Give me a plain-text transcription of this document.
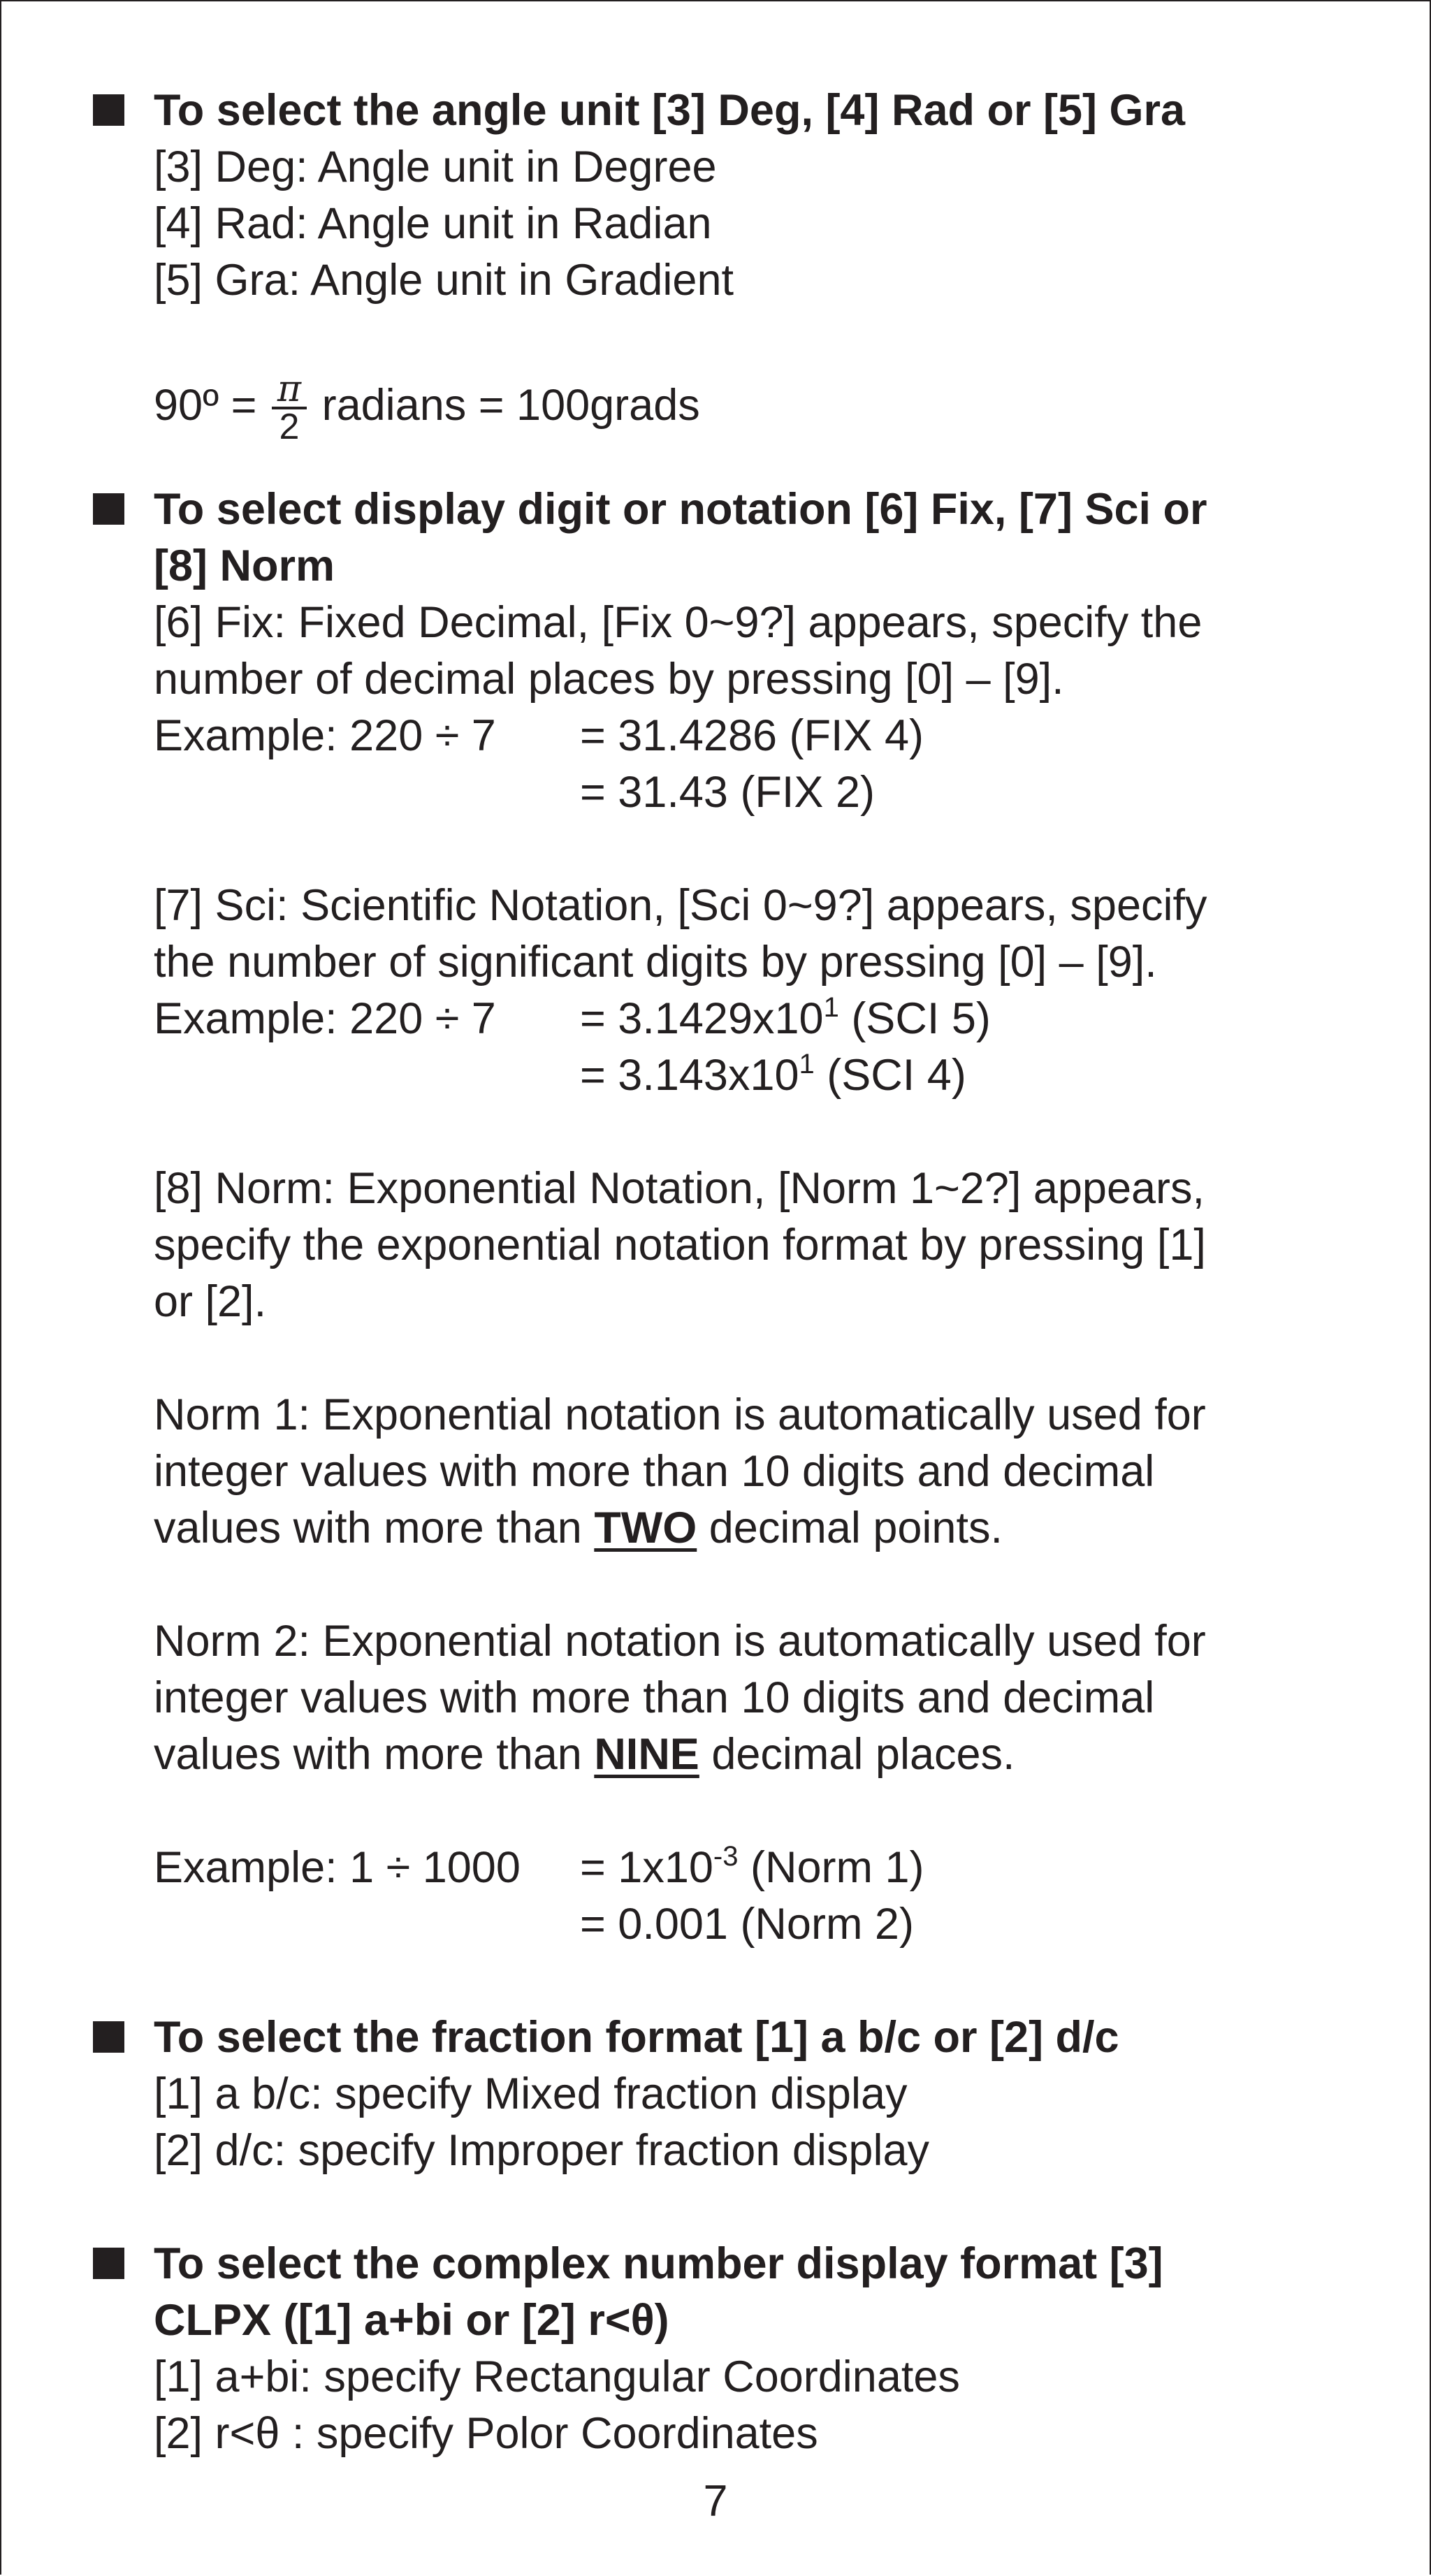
To select the angle unit [3] Deg, [4] Rad or [5] Gra
[3] Deg: Angle unit in Degree
[4] Rad: Angle unit in Radian
[5] Gra: Angle unit in Gradient
90º = $\frac{\pi}{2}$ radians = 100grads
To select display digit or notation [6] Fix, [7] Sci or
[8] Norm
[6] Fix: Fixed Decimal, [Fix 0~9?] appears, specify the
number of decimal places by pressing [0] – [9].
Example: 220 ÷ 7 = 31.4286 (FIX 4)
= 31.43 (FIX 2)
[7] Sci: Scientific Notation, [Sci 0~9?] appears, specify
the number of significant digits by pressing [0] – [9].
Example: $220 \div 7 = 3.1429x10^1$ (SCI 5)
= $3.143x10^1$ (SCI 4)
[8] Norm: Exponential Notation, [Norm 1~2?] appears,
specify the exponential notation format by pressing [1]
or [2].
Norm 1: Exponential notation is automatically used for
integer values with more than 10 digits and decimal
values with more than TWO decimal points.
Norm 2: Exponential notation is automatically used for
integer values with more than 10 digits and decimal
values with more than NINE decimal places.
Example: $1 \div 1000 = 1x10^{-3}$ (Norm 1)
= 0.001 (Norm 2)
To select the fraction format [1] a b/c or [2] d/c
[1] a b/c: specify Mixed fraction display
[2] d/c: specify Improper fraction display
To select the complex number display format [3]
CLPX ([1] a+bi or [2] r<θ)
[1] a+bi: specify Rectangular Coordinates
[2] r<θ : specify Polor Coordinates
7
